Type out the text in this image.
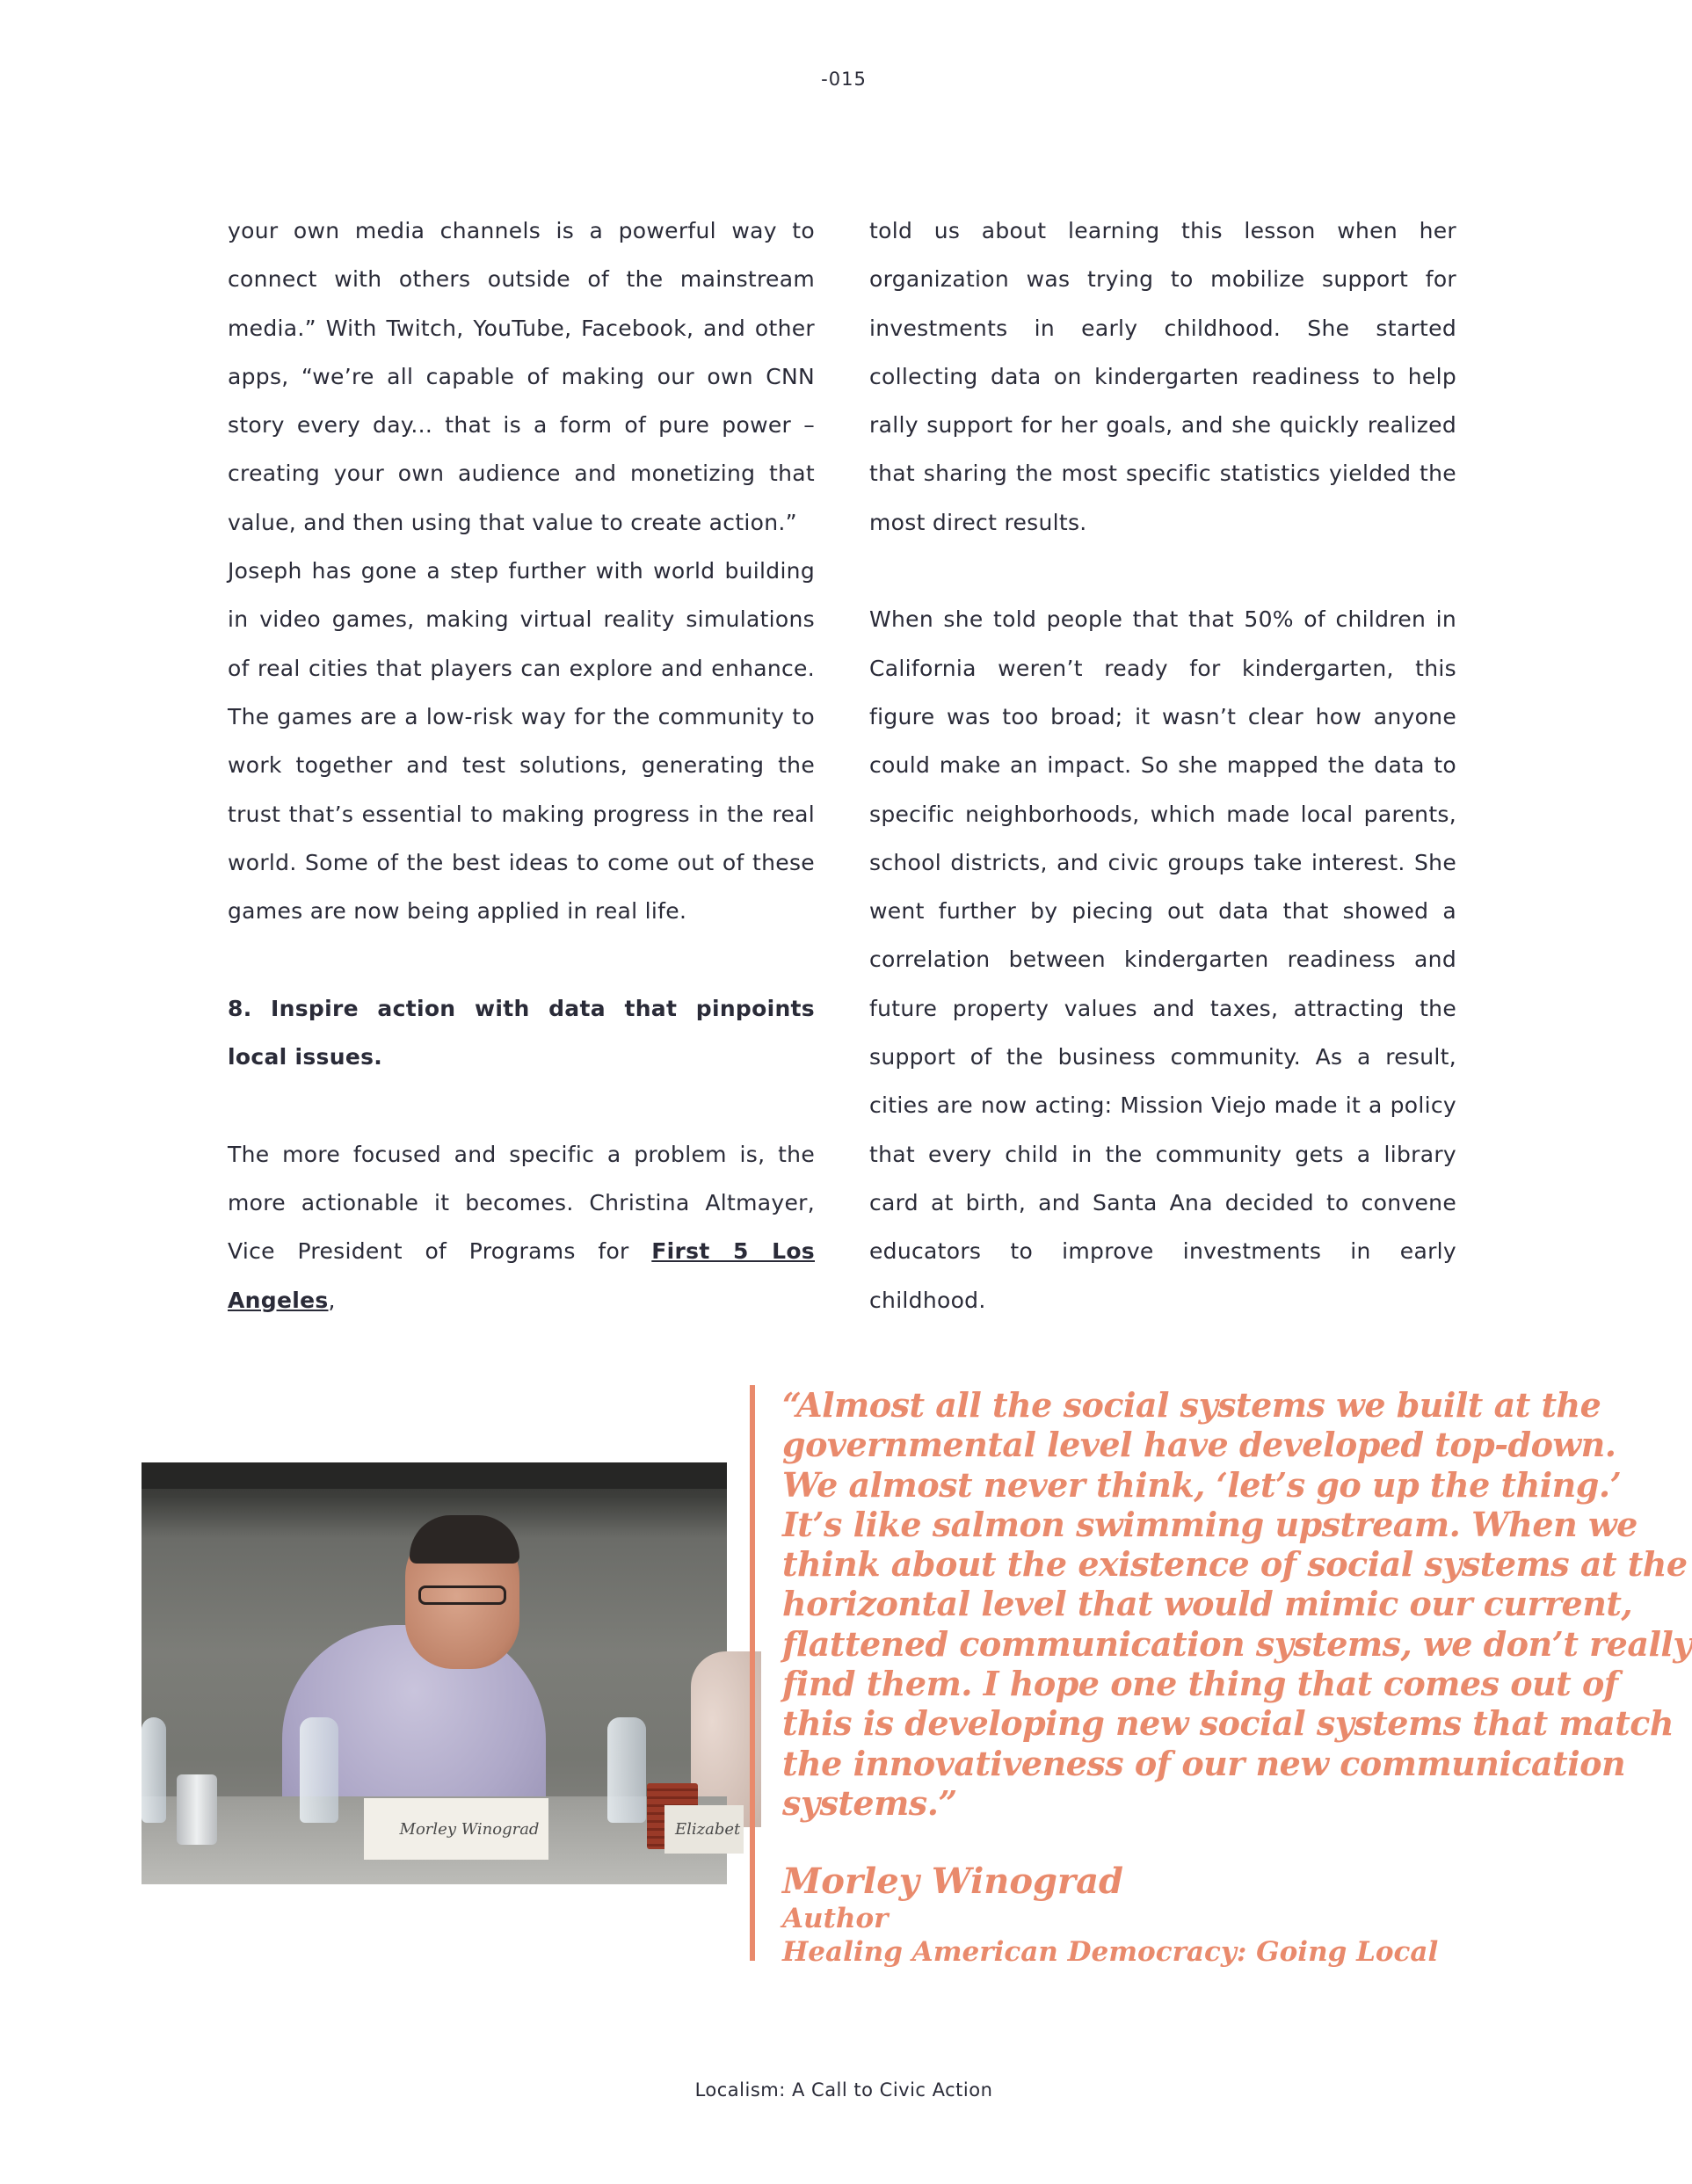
-015

your own media channels is a powerful way to connect with others outside of the mainstream media.” With Twitch, YouTube, Facebook, and other apps, “we’re all capable of making our own CNN story every day... that is a form of pure power – creating your own audience and monetizing that value, and then using that value to create action.”

Joseph has gone a step further with world building in video games, making virtual reality simulations of real cities that players can explore and enhance. The games are a low-risk way for the community to work together and test solutions, generating the trust that’s essential to making progress in the real world. Some of the best ideas to come out of these games are now being applied in real life.

8. Inspire action with data that pinpoints local issues.

The more focused and specific a problem is, the more actionable it becomes. Christina Altmayer, Vice President of Programs for First 5 Los Angeles,

told us about learning this lesson when her organization was trying to mobilize support for investments in early childhood. She started collecting data on kindergarten readiness to help rally support for her goals, and she quickly realized that sharing the most specific statistics yielded the most direct results.

When she told people that that 50% of children in California weren’t ready for kindergarten, this figure was too broad; it wasn’t clear how anyone could make an impact. So she mapped the data to specific neighborhoods, which made local parents, school districts, and civic groups take interest. She went further by piecing out data that showed a correlation between kindergarten readiness and future property values and taxes, attracting the support of the business community. As a result, cities are now acting: Mission Viejo made it a policy that every child in the community gets a library card at birth, and Santa Ana decided to convene educators to improve investments in early childhood.

Morley Winograd	Elizabet
“Almost all the social systems we built at the
governmental level have developed top-down.
We almost never think, ‘let’s go up the thing.’
It’s like salmon swimming upstream. When we
think about the existence of social systems at the
horizontal level that would mimic our current,
flattened communication systems, we don’t really
find them. I hope one thing that comes out of
this is developing new social systems that match
the innovativeness of our new communication
systems.”
Morley Winograd
Author
Healing American Democracy: Going Local
Localism: A Call to Civic Action
